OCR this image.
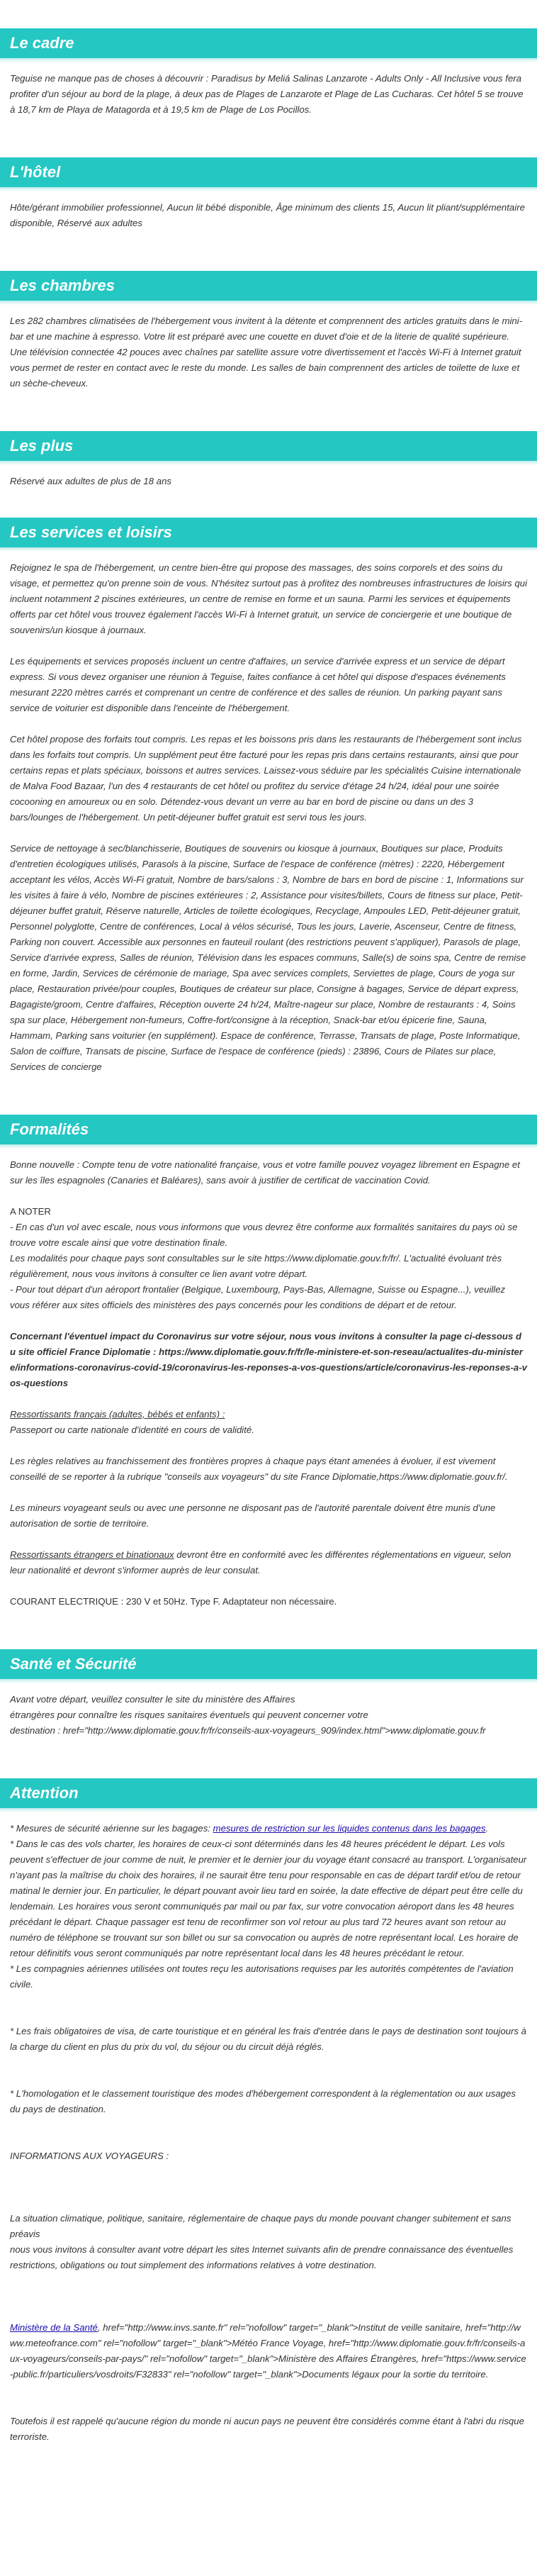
Le cadre

Teguise ne manque pas de choses à découvrir : Paradisus by Meliá Salinas Lanzarote - Adults Only - All Inclusive vous fera profiter d'un séjour au bord de la plage, à deux pas de Plages de Lanzarote et Plage de Las Cucharas. Cet hôtel 5 se trouve à 18,7 km de Playa de Matagorda et à 19,5 km de Plage de Los Pocillos.

L'hôtel

Hôte/gérant immobilier professionnel, Aucun lit bébé disponible, Âge minimum des clients 15, Aucun lit pliant/supplémentaire disponible, Réservé aux adultes

Les chambres

Les 282 chambres climatisées de l'hébergement vous invitent à la détente et comprennent des articles gratuits dans le mini-bar et une machine à espresso. Votre lit est préparé avec une couette en duvet d'oie et de la literie de qualité supérieure. Une télévision connectée 42 pouces avec chaînes par satellite assure votre divertissement et l'accès Wi-Fi à Internet gratuit vous permet de rester en contact avec le reste du monde. Les salles de bain comprennent des articles de toilette de luxe et un sèche-cheveux.

Les plus

Réservé aux adultes de plus de 18 ans

Les services et loisirs

Rejoignez le spa de l'hébergement, un centre bien-être qui propose des massages, des soins corporels et des soins du visage, et permettez qu'on prenne soin de vous. N'hésitez surtout pas à profitez des nombreuses infrastructures de loisirs qui incluent notamment 2 piscines extérieures, un centre de remise en forme et un sauna. Parmi les services et équipements offerts par cet hôtel vous trouvez également l'accès Wi-Fi à Internet gratuit, un service de conciergerie et une boutique de souvenirs/un kiosque à journaux.

Les équipements et services proposés incluent un centre d'affaires, un service d'arrivée express et un service de départ express. Si vous devez organiser une réunion à Teguise, faites confiance à cet hôtel qui dispose d'espaces événements mesurant 2220 mètres carrés et comprenant un centre de conférence et des salles de réunion. Un parking payant sans service de voiturier est disponible dans l'enceinte de l'hébergement.

Cet hôtel propose des forfaits tout compris. Les repas et les boissons pris dans les restaurants de l'hébergement sont inclus dans les forfaits tout compris. Un supplément peut être facturé pour les repas pris dans certains restaurants, ainsi que pour certains repas et plats spéciaux, boissons et autres services. Laissez-vous séduire par les spécialités Cuisine internationale de Malva Food Bazaar, l'un des 4 restaurants de cet hôtel ou profitez du service d'étage 24 h/24, idéal pour une soirée cocooning en amoureux ou en solo. Détendez-vous devant un verre au bar en bord de piscine ou dans un des 3 bars/lounges de l'hébergement. Un petit-déjeuner buffet gratuit est servi tous les jours.

Service de nettoyage à sec/blanchisserie, Boutiques de souvenirs ou kiosque à journaux, Boutiques sur place, Produits d'entretien écologiques utilisés, Parasols à la piscine, Surface de l'espace de conférence (mètres) : 2220, Hébergement acceptant les vélos, Accès Wi-Fi gratuit, Nombre de bars/salons : 3, Nombre de bars en bord de piscine : 1, Informations sur les visites à faire à vélo, Nombre de piscines extérieures : 2, Assistance pour visites/billets, Cours de fitness sur place, Petit-déjeuner buffet gratuit, Réserve naturelle, Articles de toilette écologiques, Recyclage, Ampoules LED, Petit-déjeuner gratuit, Personnel polyglotte, Centre de conférences, Local à vélos sécurisé, Tous les jours, Laverie, Ascenseur, Centre de fitness, Parking non couvert. Accessible aux personnes en fauteuil roulant (des restrictions peuvent s'appliquer), Parasols de plage, Service d'arrivée express, Salles de réunion, Télévision dans les espaces communs, Salle(s) de soins spa, Centre de remise en forme, Jardin, Services de cérémonie de mariage, Spa avec services complets, Serviettes de plage, Cours de yoga sur place, Restauration privée/pour couples, Boutiques de créateur sur place, Consigne à bagages, Service de départ express, Bagagiste/groom, Centre d'affaires, Réception ouverte 24 h/24, Maître-nageur sur place, Nombre de restaurants : 4, Soins spa sur place, Hébergement non-fumeurs, Coffre-fort/consigne à la réception, Snack-bar et/ou épicerie fine, Sauna, Hammam, Parking sans voiturier (en supplément). Espace de conférence, Terrasse, Transats de plage, Poste Informatique, Salon de coiffure, Transats de piscine, Surface de l'espace de conférence (pieds) : 23896, Cours de Pilates sur place, Services de concierge

Formalités

Bonne nouvelle : Compte tenu de votre nationalité française, vous et votre famille pouvez voyagez librement en Espagne et sur les îles espagnoles (Canaries et Baléares), sans avoir à justifier de certificat de vaccination Covid.

A NOTER
- En cas d'un vol avec escale, nous vous informons que vous devrez être conforme aux formalités sanitaires du pays où se trouve votre escale ainsi que votre destination finale.
Les modalités pour chaque pays sont consultables sur le site https://www.diplomatie.gouv.fr/fr/. L'actualité évoluant très régulièrement, nous vous invitons à consulter ce lien avant votre départ.
- Pour tout départ d'un aéroport frontalier (Belgique, Luxembourg, Pays-Bas, Allemagne, Suisse ou Espagne...), veuillez vous référer aux sites officiels des ministères des pays concernés pour les conditions de départ et de retour.

Concernant l'éventuel impact du Coronavirus sur votre séjour, nous vous invitons à consulter la page ci-dessous du site officiel France Diplomatie : https://www.diplomatie.gouv.fr/fr/le-ministere-et-son-reseau/actualites-du-ministere/informations-coronavirus-covid-19/coronavirus-les-reponses-a-vos-questions/article/coronavirus-les-reponses-a-vos-questions

Ressortissants français (adultes, bébés et enfants) :

Passeport ou carte nationale d'identité en cours de validité.

Les règles relatives au franchissement des frontières propres à chaque pays étant amenées à évoluer, il est vivement conseillé de se reporter à la rubrique "conseils aux voyageurs" du site France Diplomatie,https://www.diplomatie.gouv.fr/.

Les mineurs voyageant seuls ou avec une personne ne disposant pas de l'autorité parentale doivent être munis d'une autorisation de sortie de territoire.

Ressortissants étrangers et binationaux devront être en conformité avec les différentes réglementations en vigueur, selon leur nationalité et devront s'informer auprès de leur consulat.

COURANT ELECTRIQUE : 230 V et 50Hz. Type F. Adaptateur non nécessaire.

Santé et Sécurité
Avant votre départ, veuillez consulter le site du ministère des Affaires
étrangères pour connaître les risques sanitaires éventuels qui peuvent concerner votre
destination : href="http://www.diplomatie.gouv.fr/fr/conseils-aux-voyageurs_909/index.html">www.diplomatie.gouv.fr
Attention
* Mesures de sécurité aérienne sur les bagages: mesures de restriction sur les liquides contenus dans les bagages.

* Dans le cas des vols charter, les horaires de ceux-ci sont déterminés dans les 48 heures précédent le départ. Les vols peuvent s'effectuer de jour comme de nuit, le premier et le dernier jour du voyage étant consacré au transport. L'organisateur n'ayant pas la maîtrise du choix des horaires, il ne saurait être tenu pour responsable en cas de départ tardif et/ou de retour matinal le dernier jour. En particulier, le départ pouvant avoir lieu tard en soirée, la date effective de départ peut être celle du lendemain. Les horaires vous seront communiqués par mail ou par fax, sur votre convocation aéroport dans les 48 heures précédant le départ. Chaque passager est tenu de reconfirmer son vol retour au plus tard 72 heures avant son retour au numéro de téléphone se trouvant sur son billet ou sur sa convocation ou auprès de notre représentant local. Les horaire de retour définitifs vous seront communiqués par notre représentant local dans les 48 heures précédant le retour.

* Les compagnies aériennes utilisées ont toutes reçu les autorisations requises par les autorités compétentes de l'aviation civile.

* Les frais obligatoires de visa, de carte touristique et en général les frais d'entrée dans le pays de destination sont toujours à la charge du client en plus du prix du vol, du séjour ou du circuit déjà réglés.

* L'homologation et le classement touristique des modes d'hébergement correspondent à la réglementation ou aux usages du pays de destination.

INFORMATIONS AUX VOYAGEURS :

La situation climatique, politique, sanitaire, réglementaire de chaque pays du monde pouvant changer subitement et sans préavis
nous vous invitons à consulter avant votre départ les sites Internet suivants afin de prendre connaissance des éventuelles restrictions, obligations ou tout simplement des informations relatives à votre destination.

Ministère de la Santé, href="http://www.invs.sante.fr" rel="nofollow" target="_blank">Institut de veille sanitaire, href="http://www.meteofrance.com" rel="nofollow" target="_blank">Météo France Voyage, href="http://www.diplomatie.gouv.fr/fr/conseils-aux-voyageurs/conseils-par-pays/" rel="nofollow" target="_blank">Ministère des Affaires Étrangères, href="https://www.service-public.fr/particuliers/vosdroits/F32833" rel="nofollow" target="_blank">Documents légaux pour la sortie du territoire.

Toutefois il est rappelé qu'aucune région du monde ni aucun pays ne peuvent être considérés comme étant à l'abri du risque terroriste.
